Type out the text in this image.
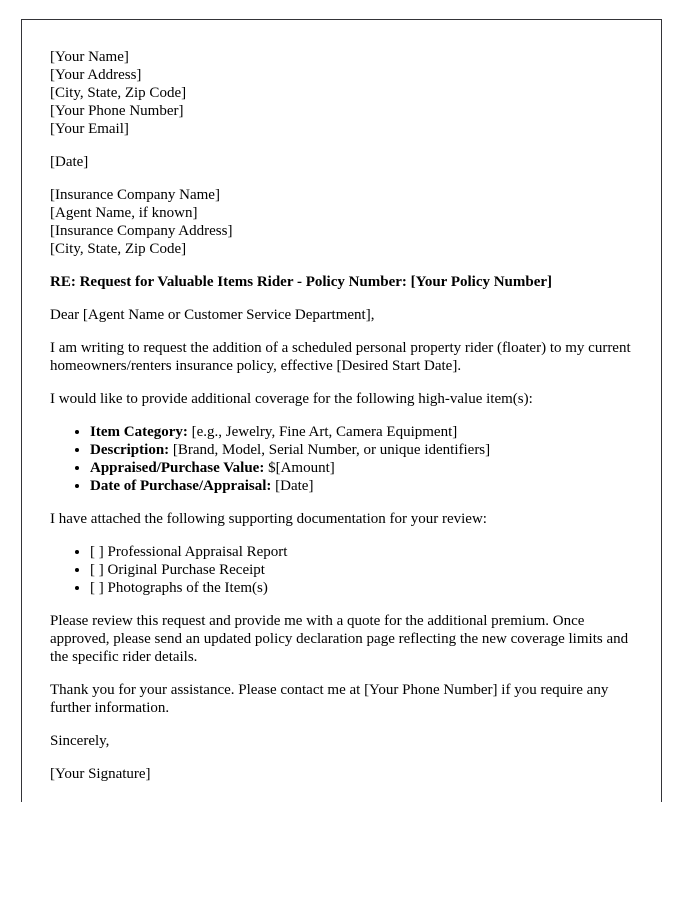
[Your Name]
[Your Address]
[City, State, Zip Code]
[Your Phone Number]
[Your Email]
[Date]
[Insurance Company Name]
[Agent Name, if known]
[Insurance Company Address]
[City, State, Zip Code]
RE: Request for Valuable Items Rider - Policy Number: [Your Policy Number]
Dear [Agent Name or Customer Service Department],
I am writing to request the addition of a scheduled personal property rider (floater) to my current homeowners/renters insurance policy, effective [Desired Start Date].
I would like to provide additional coverage for the following high-value item(s):
• Item Category: [e.g., Jewelry, Fine Art, Camera Equipment]
• Description: [Brand, Model, Serial Number, or unique identifiers]
• Appraised/Purchase Value: $[Amount]
• Date of Purchase/Appraisal: [Date]
I have attached the following supporting documentation for your review:
• [ ] Professional Appraisal Report
• [ ] Original Purchase Receipt
• [ ] Photographs of the Item(s)
Please review this request and provide me with a quote for the additional premium. Once approved, please send an updated policy declaration page reflecting the new coverage limits and the specific rider details.
Thank you for your assistance. Please contact me at [Your Phone Number] if you require any further information.
Sincerely,
[Your Signature]
